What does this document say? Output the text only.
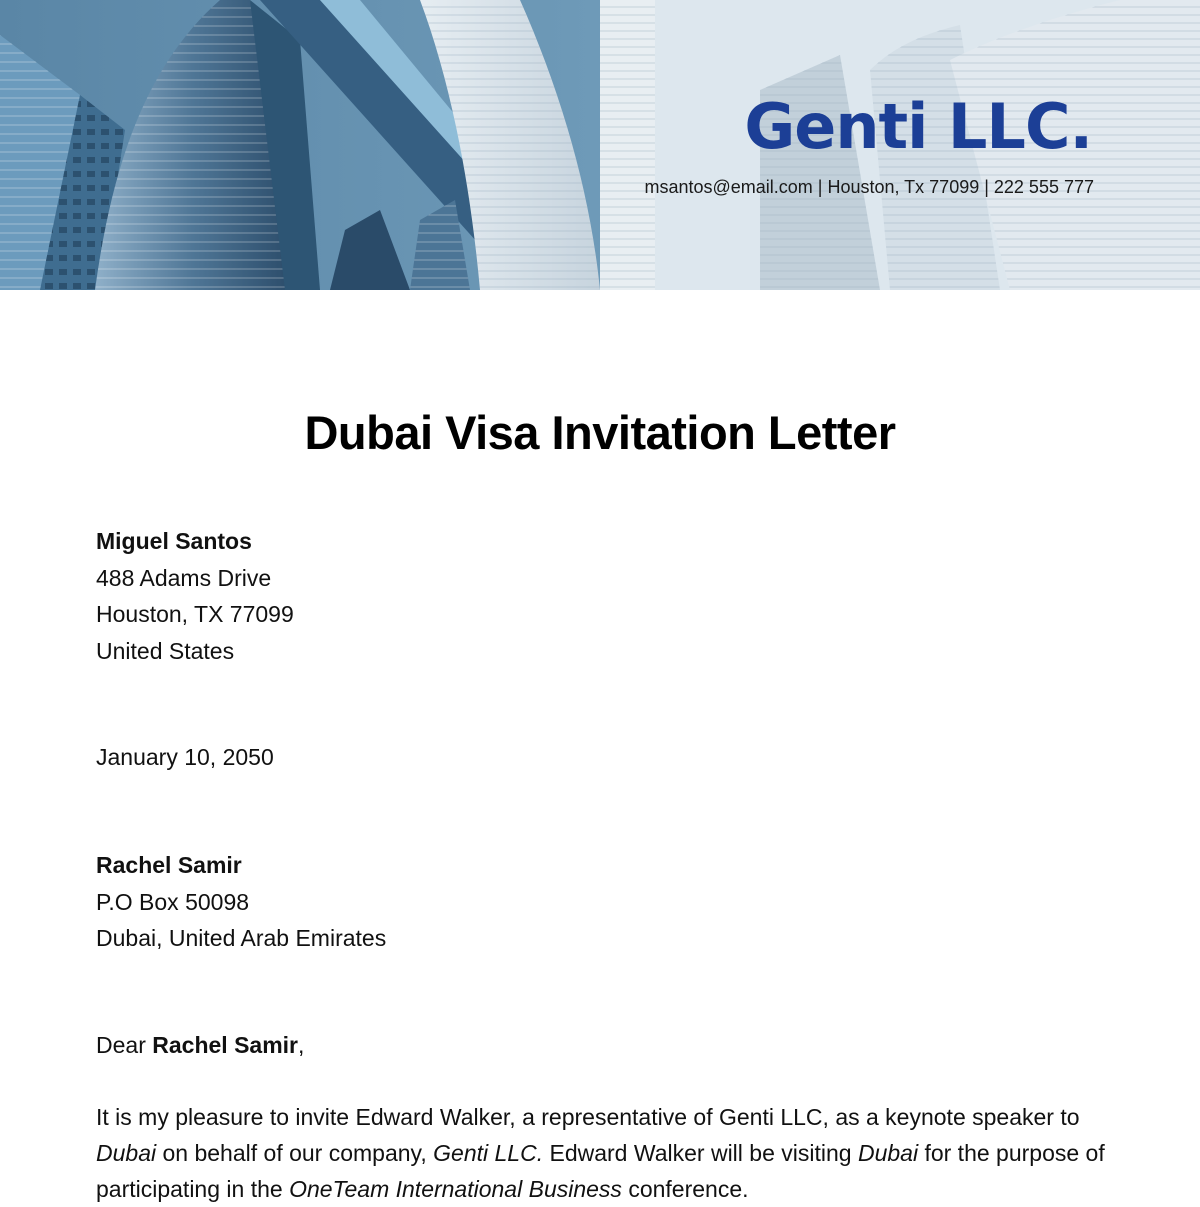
Genti LLC.
msantos@email.com | Houston, Tx 77099 | 222 555 777
Dubai Visa Invitation Letter
Miguel Santos
488 Adams Drive
Houston, TX 77099
United States
January 10, 2050
Rachel Samir
P.O Box 50098
Dubai, United Arab Emirates
Dear Rachel Samir,
It is my pleasure to invite Edward Walker, a representative of Genti LLC, as a keynote speaker to Dubai on behalf of our company, Genti LLC. Edward Walker will be visiting Dubai for the purpose of participating in the OneTeam International Business conference.
